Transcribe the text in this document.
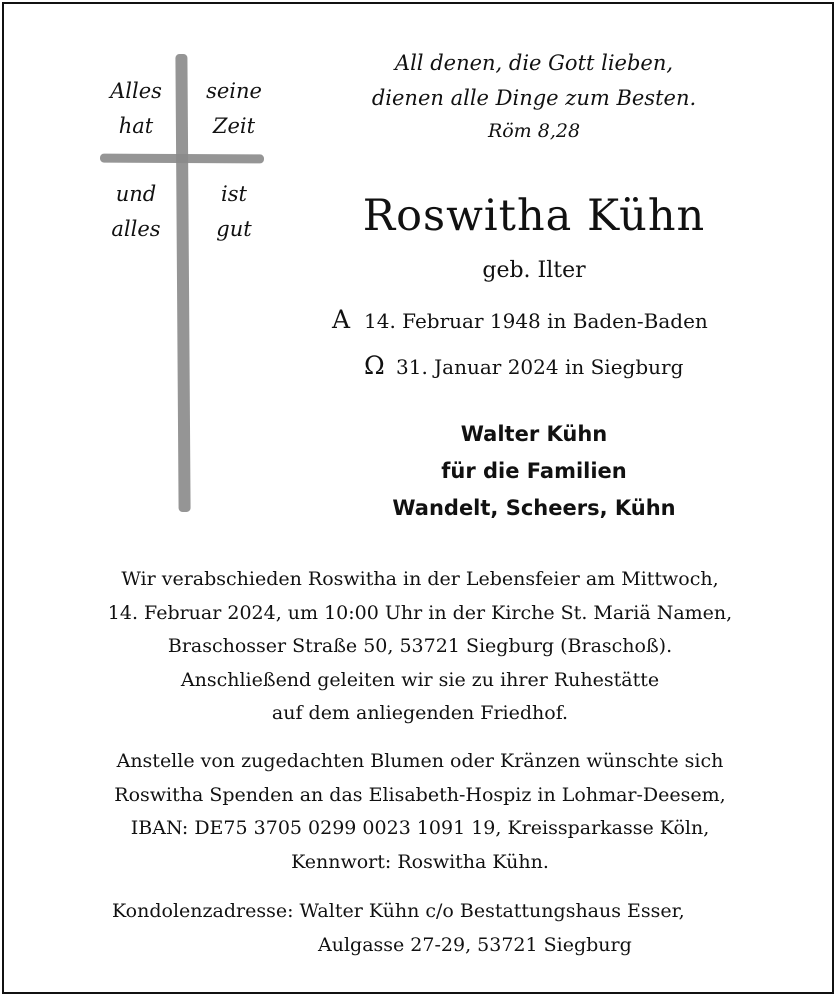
Alles
hat
seine
Zeit
und
alles
ist
gut
All denen, die Gott lieben,
dienen alle Dinge zum Besten.
Röm 8,28
Roswitha Kühn
geb. Ilter
A 14. Februar 1948 in Baden-Baden
Ω 31. Januar 2024 in Siegburg
Walter Kühn
für die Familien
Wandelt, Scheers, Kühn
Wir verabschieden Roswitha in der Lebensfeier am Mittwoch,
14. Februar 2024, um 10:00 Uhr in der Kirche St. Mariä Namen,
Braschosser Straße 50, 53721 Siegburg (Braschoß).
Anschließend geleiten wir sie zu ihrer Ruhestätte
auf dem anliegenden Friedhof.
Anstelle von zugedachten Blumen oder Kränzen wünschte sich
Roswitha Spenden an das Elisabeth-Hospiz in Lohmar-Deesem,
IBAN: DE75 3705 0299 0023 1091 19, Kreissparkasse Köln,
Kennwort: Roswitha Kühn.
Kondolenzadresse: Walter Kühn c/o Bestattungshaus Esser,
Aulgasse 27-29, 53721 Siegburg
